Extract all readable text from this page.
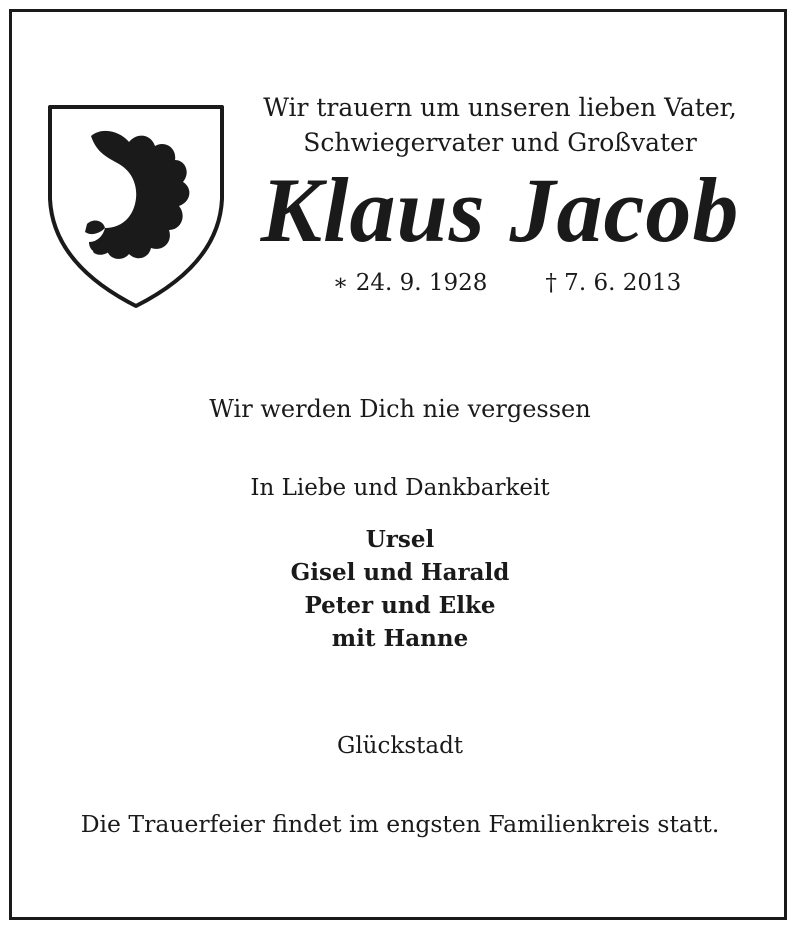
Wir trauern um unseren lieben Vater,
Schwiegervater und Großvater
Klaus Jacob
∗ 24. 9. 1928	† 7. 6. 2013
Wir werden Dich nie vergessen
In Liebe und Dankbarkeit
Ursel
Gisel und Harald
Peter und Elke
mit Hanne
Glückstadt
Die Trauerfeier findet im engsten Familienkreis statt.
